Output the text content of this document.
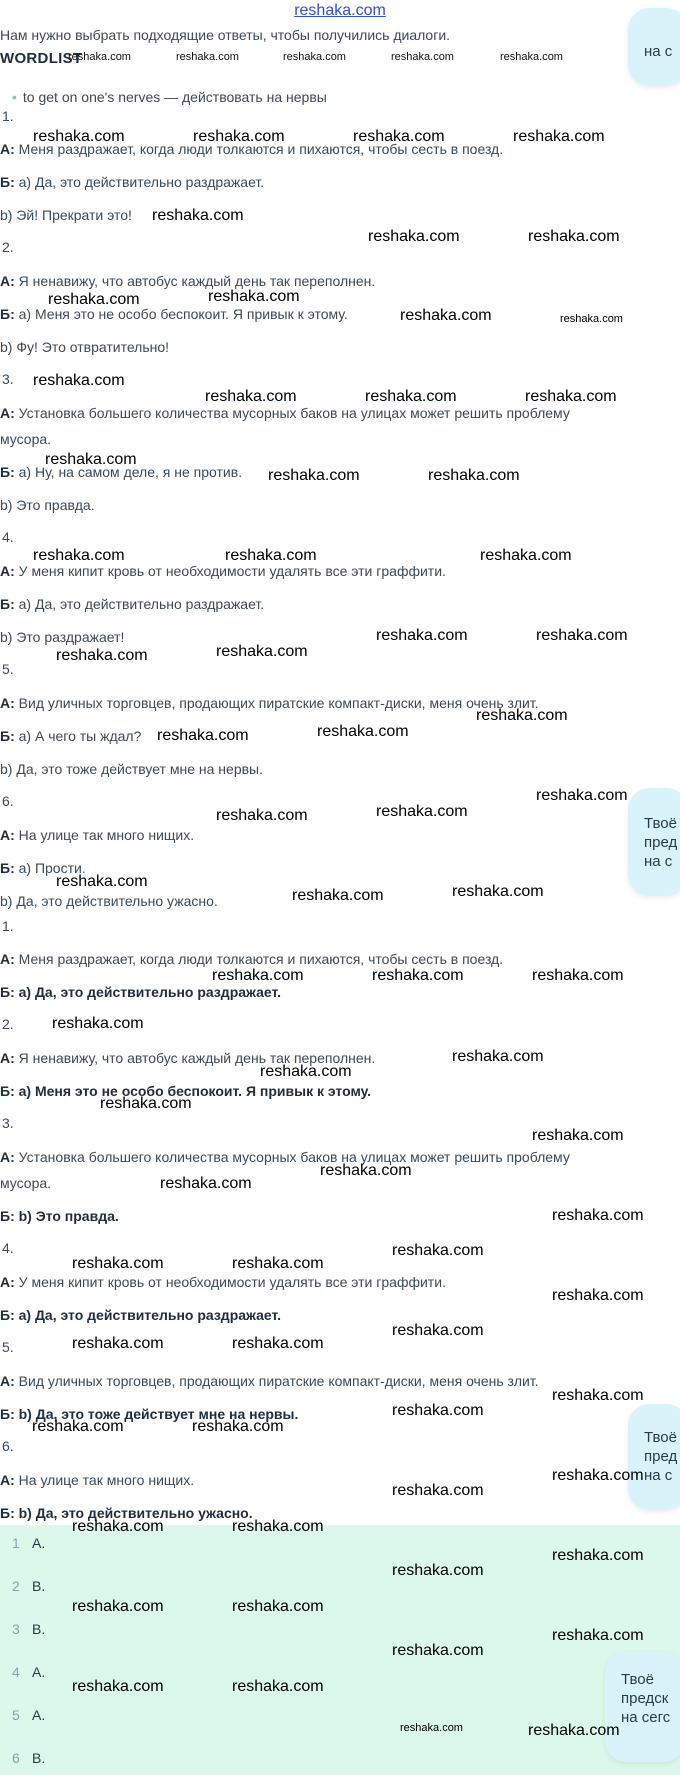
reshaka.com
Нам нужно выбрать подходящие ответы, чтобы получились диалоги.
WORDLIST
reshaka.com	reshaka.com	reshaka.com	reshaka.com	reshaka.com
• to get on one's nerves — действовать на нервы
1.
А: Меня раздражает, когда люди толкаются и пихаются, чтобы сесть в поезд.
Б: а) Да, это действительно раздражает.
b) Эй! Прекрати это!
2.
А: Я ненавижу, что автобус каждый день так переполнен.
Б: а) Меня это не особо беспокоит. Я привык к этому.
b) Фу! Это отвратительно!
3.
А: Установка большего количества мусорных баков на улицах может решить проблему
мусора.
Б: а) Ну, на самом деле, я не против.
b) Это правда.
4.
А: У меня кипит кровь от необходимости удалять все эти граффити.
Б: а) Да, это действительно раздражает.
b) Это раздражает!
5.
А: Вид уличных торговцев, продающих пиратские компакт-диски, меня очень злит.
Б: а) А чего ты ждал?
b) Да, это тоже действует мне на нервы.
6.
А: На улице так много нищих.
Б: а) Прости.
b) Да, это действительно ужасно.
1.
А: Меня раздражает, когда люди толкаются и пихаются, чтобы сесть в поезд.
Б: а) Да, это действительно раздражает.
2.
А: Я ненавижу, что автобус каждый день так переполнен.
Б: а) Меня это не особо беспокоит. Я привык к этому.
3.
А: Установка большего количества мусорных баков на улицах может решить проблему
мусора.
Б: b) Это правда.
4.
А: У меня кипит кровь от необходимости удалять все эти граффити.
Б: а) Да, это действительно раздражает.
5.
А: Вид уличных торговцев, продающих пиратские компакт-диски, меня очень злит.
Б: b) Да, это тоже действует мне на нервы.
6.
А: На улице так много нищих.
Б: b) Да, это действительно ужасно.
1 A.
2 B.
3 B.
4 A.
5 A.
6 B.
на с
Твоё
пред
на с
Твоё
пред
на с
Твоё
предск
на сегс
reshaka.com	reshaka.com	reshaka.com	reshaka.com
reshaka.com
reshaka.com	reshaka.com
reshaka.com	reshaka.com
reshaka.com	reshaka.com
reshaka.com
reshaka.com	reshaka.com	reshaka.com
reshaka.com
reshaka.com	reshaka.com
reshaka.com	reshaka.com	reshaka.com
reshaka.com	reshaka.com
reshaka.com	reshaka.com
reshaka.com
reshaka.com	reshaka.com
reshaka.com
reshaka.com	reshaka.com
reshaka.com
reshaka.com	reshaka.com
reshaka.com	reshaka.com	reshaka.com
reshaka.com
reshaka.com
reshaka.com
reshaka.com
reshaka.com
reshaka.com
reshaka.com
reshaka.com
reshaka.com
reshaka.com	reshaka.com
reshaka.com
reshaka.com
reshaka.com	reshaka.com
reshaka.com
reshaka.com
reshaka.com	reshaka.com
reshaka.com
reshaka.com
reshaka.com	reshaka.com
reshaka.com
reshaka.com
reshaka.com	reshaka.com
reshaka.com
reshaka.com
reshaka.com	reshaka.com
reshaka.com	reshaka.com
